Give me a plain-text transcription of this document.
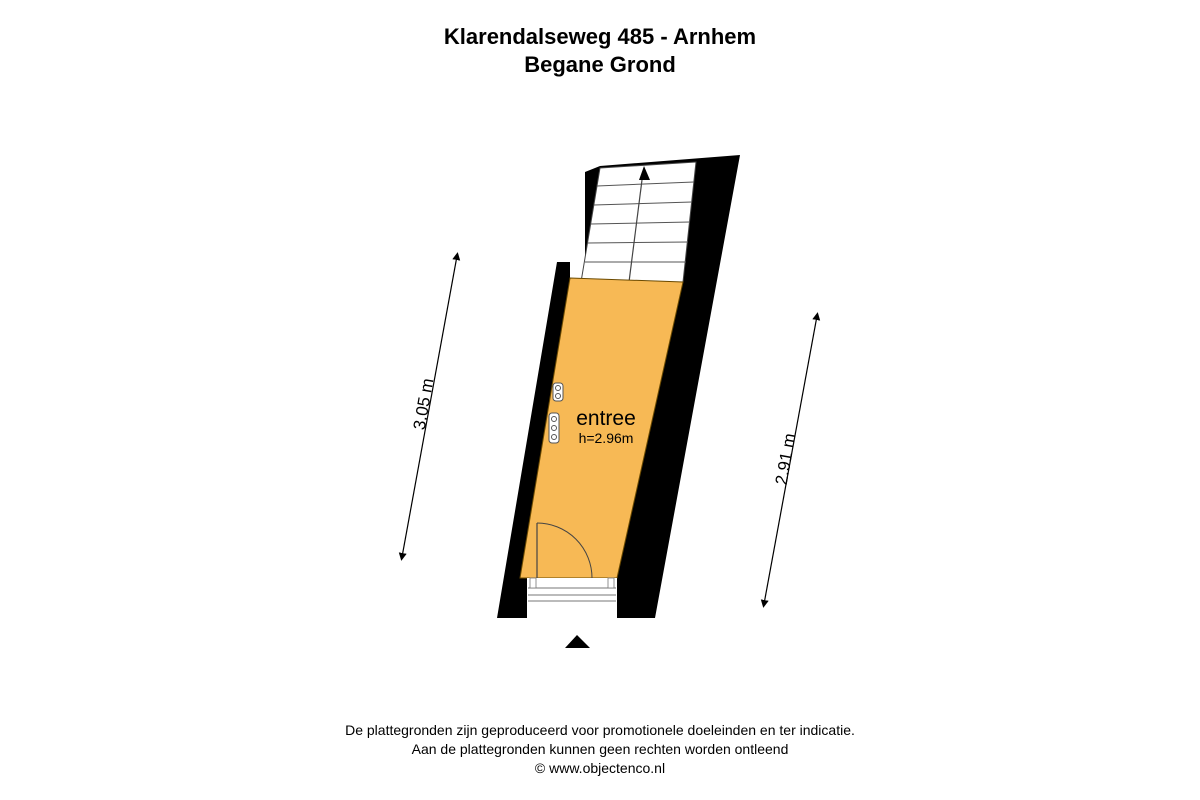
Klarendalseweg 485 - Arnhem
Begane Grond
entree
h=2.96m
3.05 m
2.91 m
De plattegronden zijn geproduceerd voor promotionele doeleinden en ter indicatie.
Aan de plattegronden kunnen geen rechten worden ontleend
© www.objectenco.nl
